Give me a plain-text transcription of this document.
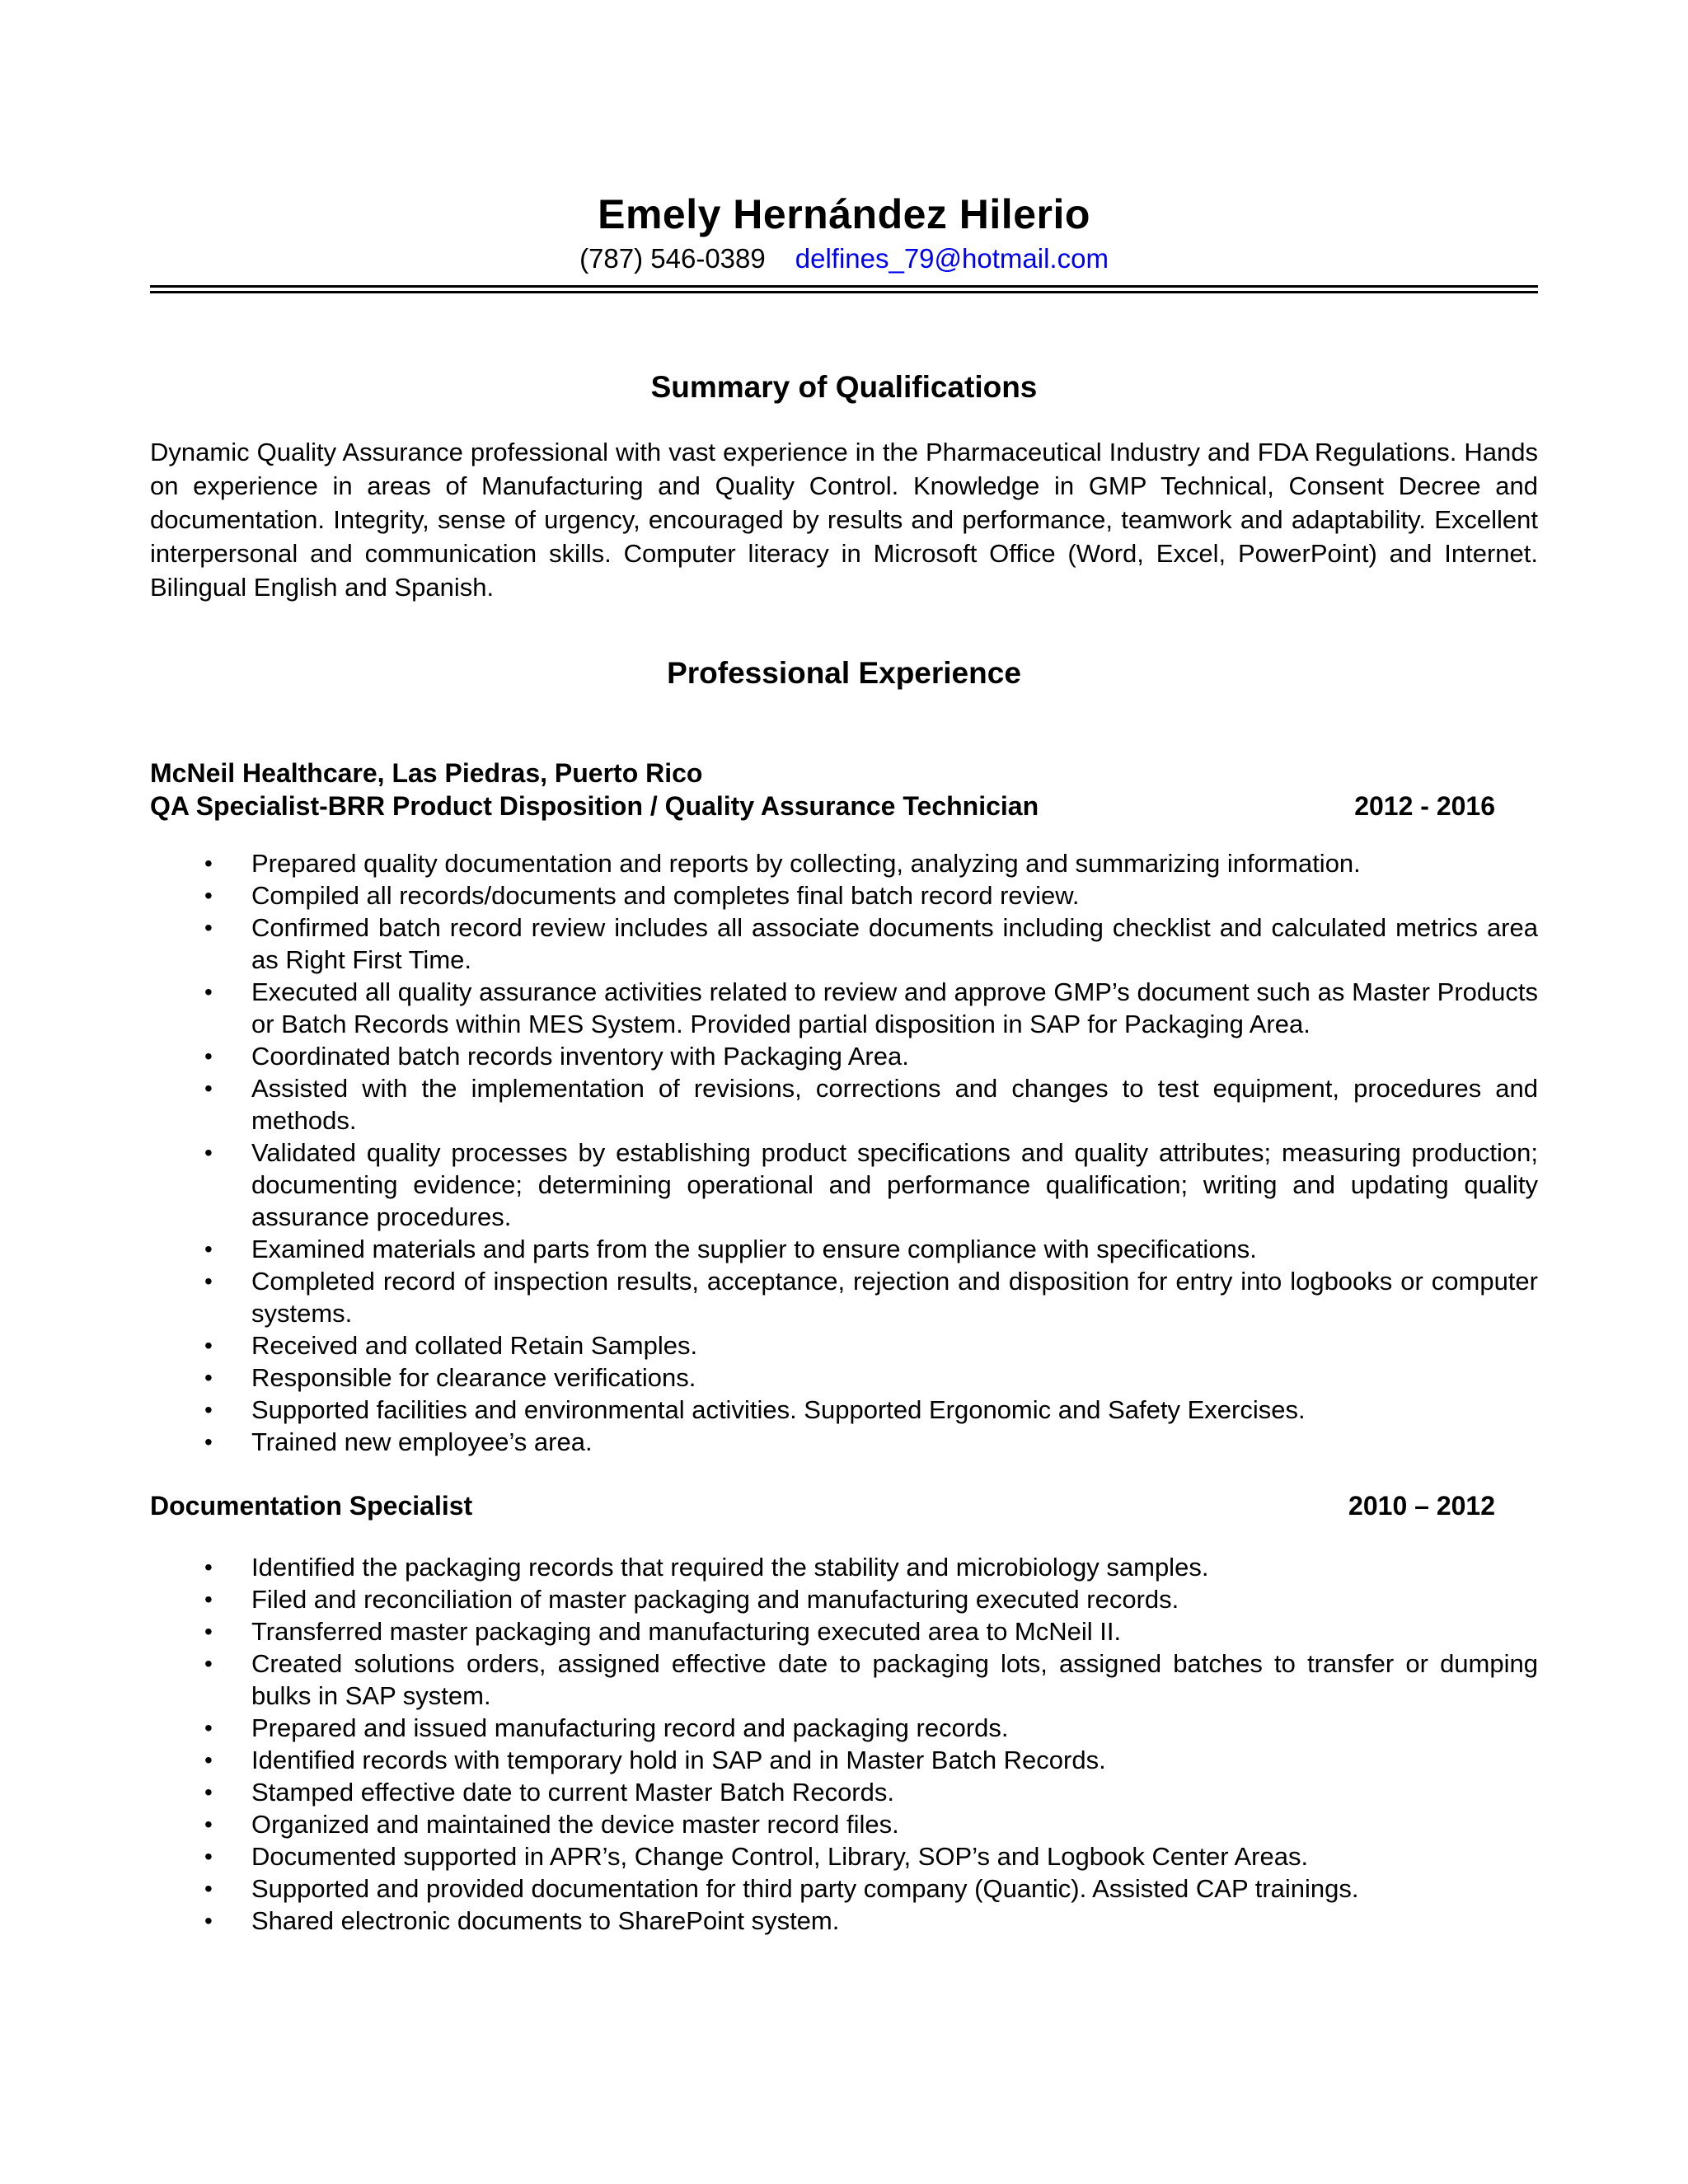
Emely Hernández Hilerio
(787) 546-0389 delfines_79@hotmail.com
Summary of Qualifications

Dynamic Quality Assurance professional with vast experience in the Pharmaceutical Industry and FDA Regulations. Hands on experience in areas of Manufacturing and Quality Control. Knowledge in GMP Technical, Consent Decree and documentation. Integrity, sense of urgency, encouraged by results and performance, teamwork and adaptability. Excellent interpersonal and communication skills. Computer literacy in Microsoft Office (Word, Excel, PowerPoint) and Internet. Bilingual English and Spanish.

Professional Experience
McNeil Healthcare, Las Piedras, Puerto Rico
QA Specialist-BRR Product Disposition / Quality Assurance Technician	2012 - 2016
• Prepared quality documentation and reports by collecting, analyzing and summarizing information.
• Compiled all records/documents and completes final batch record review.
• Confirmed batch record review includes all associate documents including checklist and calculated metrics area as Right First Time.
• Executed all quality assurance activities related to review and approve GMP’s document such as Master Products or Batch Records within MES System. Provided partial disposition in SAP for Packaging Area.
• Coordinated batch records inventory with Packaging Area.
• Assisted with the implementation of revisions, corrections and changes to test equipment, procedures and methods.
• Validated quality processes by establishing product specifications and quality attributes; measuring production; documenting evidence; determining operational and performance qualification; writing and updating quality assurance procedures.
• Examined materials and parts from the supplier to ensure compliance with specifications.
• Completed record of inspection results, acceptance, rejection and disposition for entry into logbooks or computer systems.
• Received and collated Retain Samples.
• Responsible for clearance verifications.
• Supported facilities and environmental activities. Supported Ergonomic and Safety Exercises.
• Trained new employee’s area.
Documentation Specialist	2010 – 2012
• Identified the packaging records that required the stability and microbiology samples.
• Filed and reconciliation of master packaging and manufacturing executed records.
• Transferred master packaging and manufacturing executed area to McNeil II.
• Created solutions orders, assigned effective date to packaging lots, assigned batches to transfer or dumping bulks in SAP system.
• Prepared and issued manufacturing record and packaging records.
• Identified records with temporary hold in SAP and in Master Batch Records.
• Stamped effective date to current Master Batch Records.
• Organized and maintained the device master record files.
• Documented supported in APR’s, Change Control, Library, SOP’s and Logbook Center Areas.
• Supported and provided documentation for third party company (Quantic). Assisted CAP trainings.
• Shared electronic documents to SharePoint system.
